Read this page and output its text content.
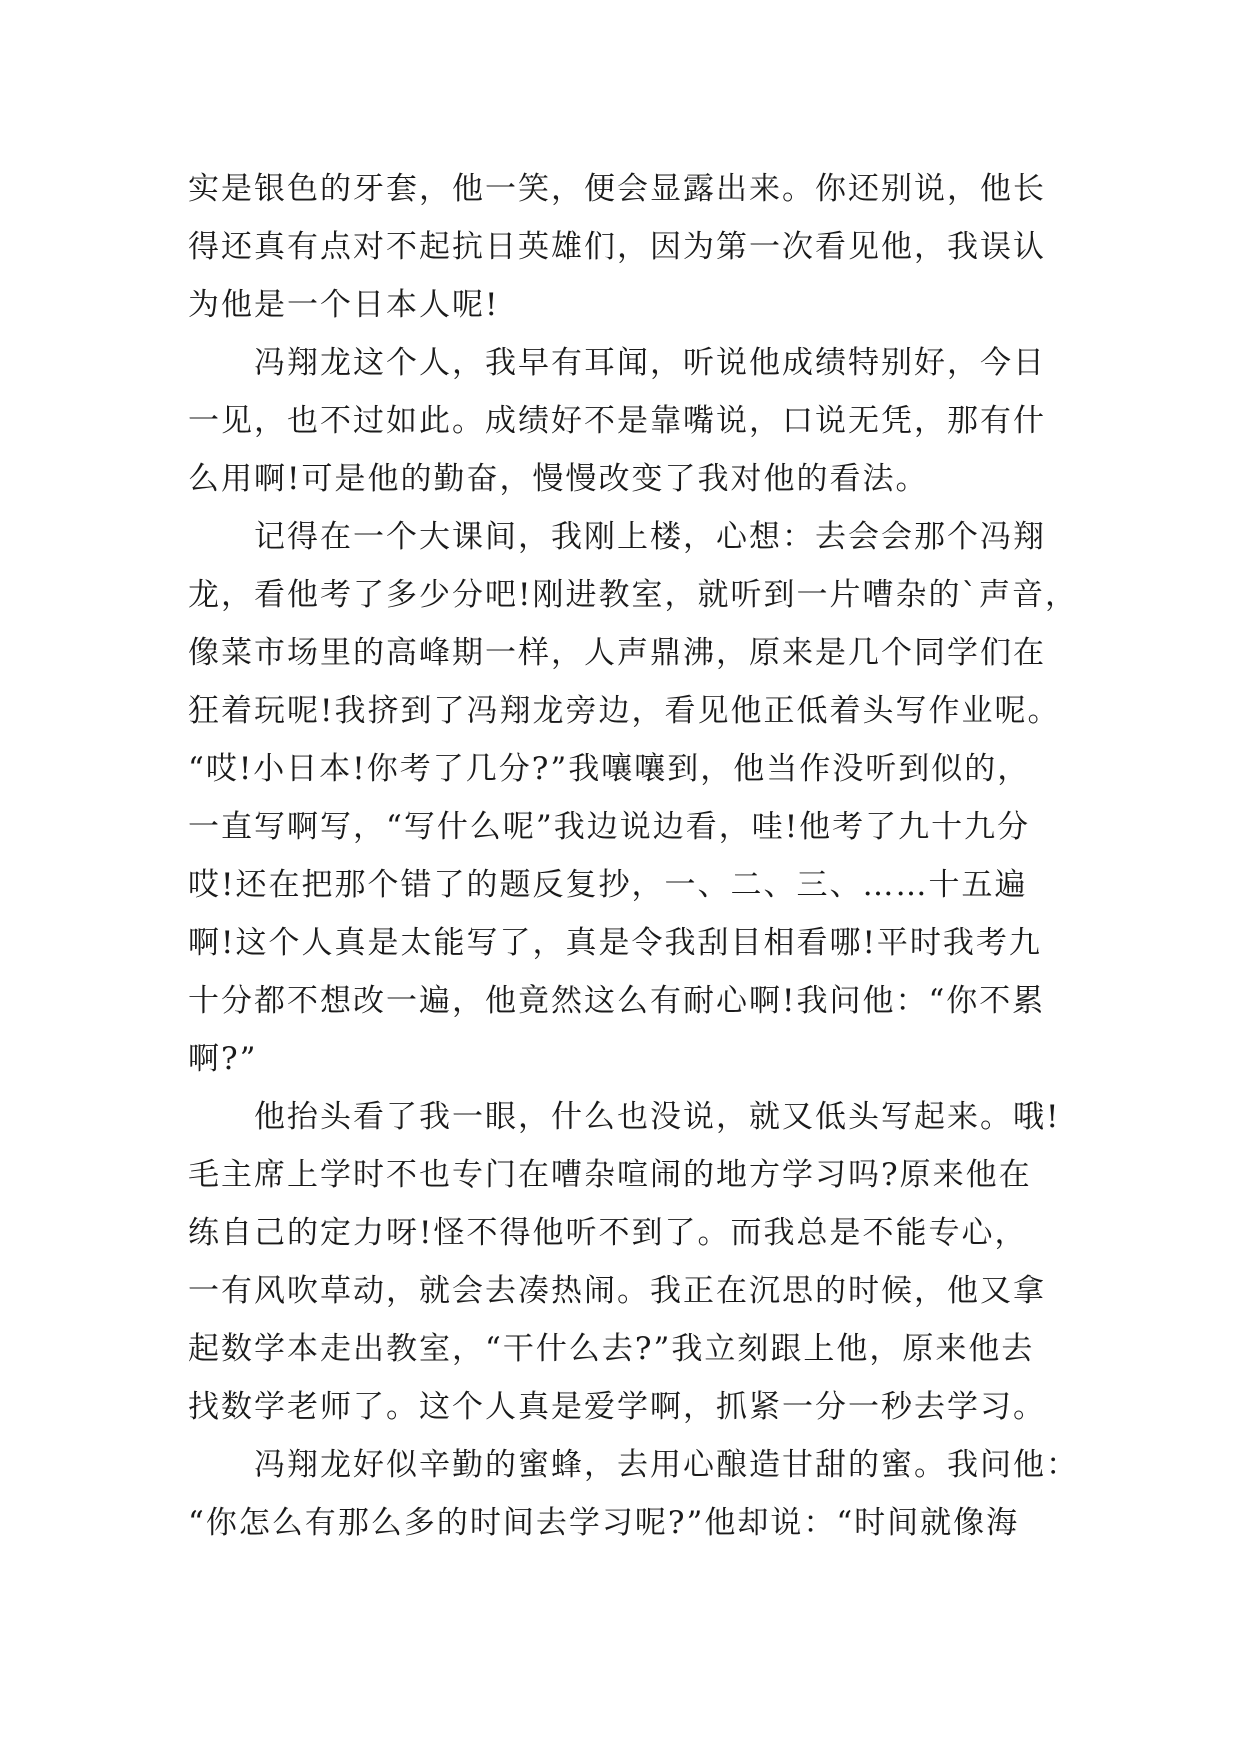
实是银色的牙套，他一笑，便会显露出来。你还别说，他长
得还真有点对不起抗日英雄们，因为第一次看见他，我误认
为他是一个日本人呢!
冯翔龙这个人，我早有耳闻，听说他成绩特别好，今日
一见，也不过如此。成绩好不是靠嘴说，口说无凭，那有什
么用啊!可是他的勤奋，慢慢改变了我对他的看法。
记得在一个大课间，我刚上楼，心想：去会会那个冯翔
龙，看他考了多少分吧!刚进教室，就听到一片嘈杂的`声音，
像菜市场里的高峰期一样，人声鼎沸，原来是几个同学们在
狂着玩呢!我挤到了冯翔龙旁边，看见他正低着头写作业呢。
“哎!小日本!你考了几分?”我嚷嚷到，他当作没听到似的，
一直写啊写，“写什么呢”我边说边看，哇!他考了九十九分
哎!还在把那个错了的题反复抄，一、二、三、……十五遍
啊!这个人真是太能写了，真是令我刮目相看哪!平时我考九
十分都不想改一遍，他竟然这么有耐心啊!我问他：“你不累
啊?”
他抬头看了我一眼，什么也没说，就又低头写起来。哦!
毛主席上学时不也专门在嘈杂喧闹的地方学习吗?原来他在
练自己的定力呀!怪不得他听不到了。而我总是不能专心，
一有风吹草动，就会去凑热闹。我正在沉思的时候，他又拿
起数学本走出教室，“干什么去?”我立刻跟上他，原来他去
找数学老师了。这个人真是爱学啊，抓紧一分一秒去学习。
冯翔龙好似辛勤的蜜蜂，去用心酿造甘甜的蜜。我问他：
“你怎么有那么多的时间去学习呢?”他却说：“时间就像海
